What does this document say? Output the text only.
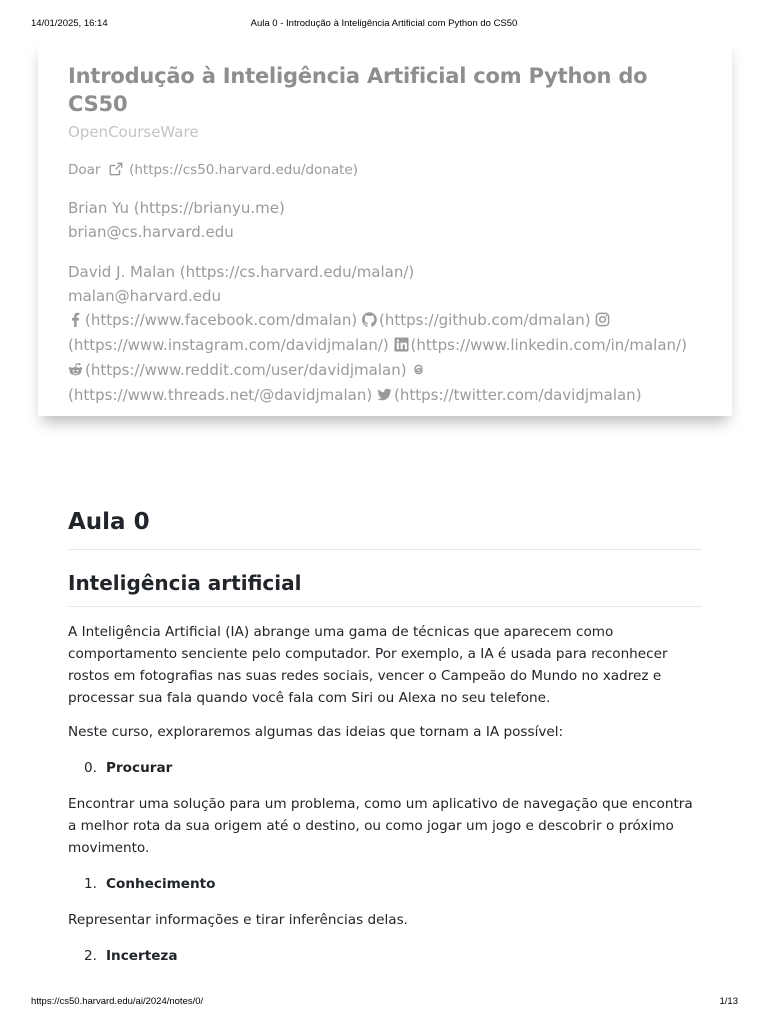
14/01/2025, 16:14	Aula 0 - Introdução à Inteligência Artificial com Python do CS50
Introdução à Inteligência Artificial com Python do CS50
OpenCourseWare
Doar (https://cs50.harvard.edu/donate)
Brian Yu (https://brianyu.me)
brian@cs.harvard.edu
David J. Malan (https://cs.harvard.edu/malan/)
malan@harvard.edu
(https://www.facebook.com/dmalan) (https://github.com/dmalan)

(https://www.instagram.com/davidjmalan/) (https://www.linkedin.com/in/malan/)

(https://www.reddit.com/user/davidjmalan)

(https://www.threads.net/@davidjmalan) (https://twitter.com/davidjmalan)
Aula 0
Inteligência artificial

A Inteligência Artificial (IA) abrange uma gama de técnicas que aparecem como comportamento senciente pelo computador. Por exemplo, a IA é usada para reconhecer rostos em fotografias nas suas redes sociais, vencer o Campeão do Mundo no xadrez e processar sua fala quando você fala com Siri ou Alexa no seu telefone.

Neste curso, exploraremos algumas das ideias que tornam a IA possível:

0. Procurar

Encontrar uma solução para um problema, como um aplicativo de navegação que encontra a melhor rota da sua origem até o destino, ou como jogar um jogo e descobrir o próximo movimento.

1. Conhecimento

Representar informações e tirar inferências delas.

2. Incerteza
https://cs50.harvard.edu/ai/2024/notes/0/	1/13
